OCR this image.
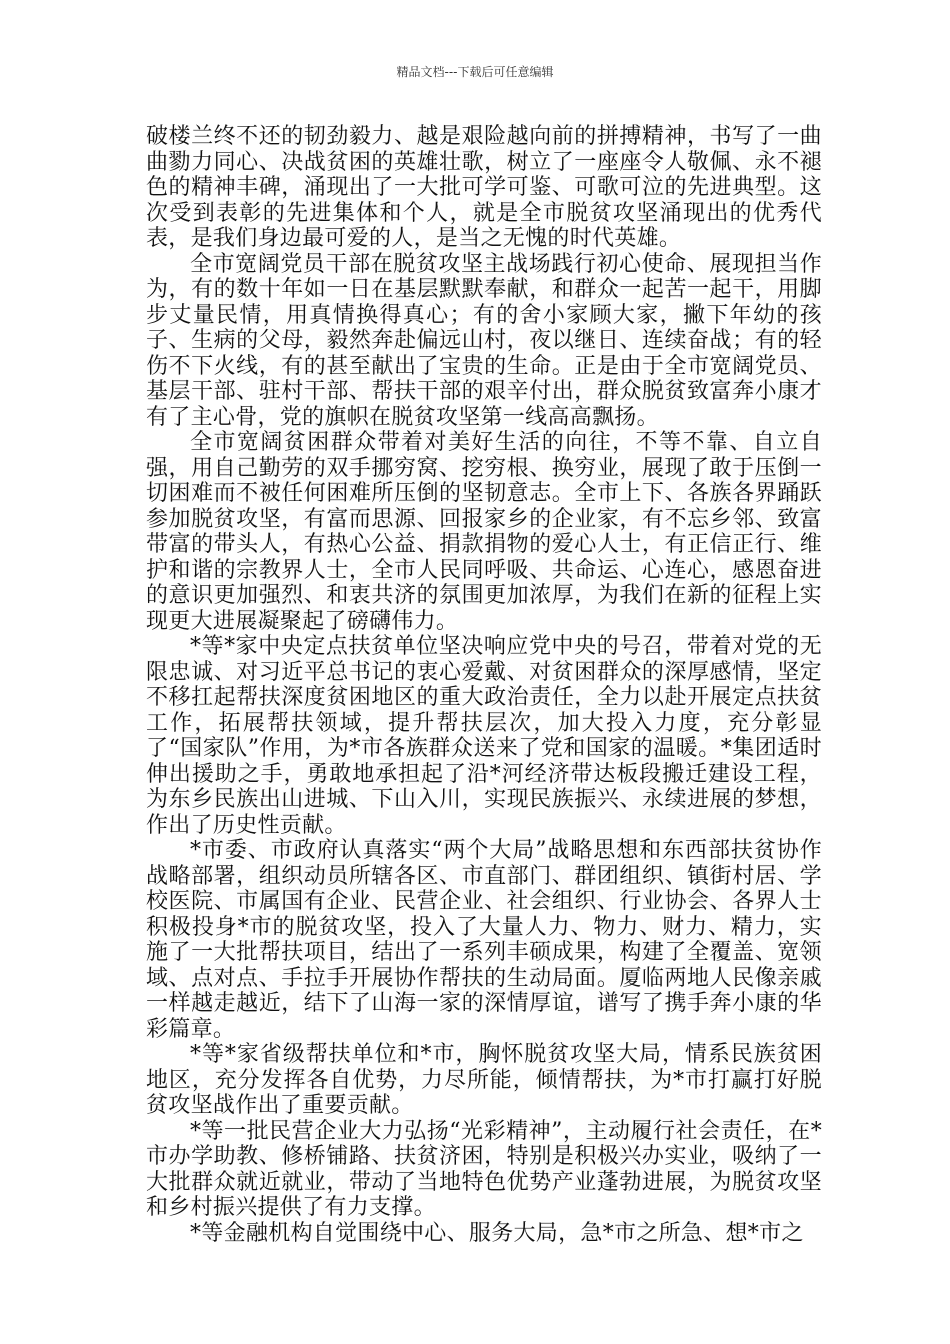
精品文档---下载后可任意编辑

破楼兰终不还的韧劲毅力、越是艰险越向前的拼搏精神，书写了一曲曲勠力同心、决战贫困的英雄壮歌，树立了一座座令人敬佩、永不褪色的精神丰碑，涌现出了一大批可学可鉴、可歌可泣的先进典型。这次受到表彰的先进集体和个人，就是全市脱贫攻坚涌现出的优秀代表，是我们身边最可爱的人，是当之无愧的时代英雄。

全市宽阔党员干部在脱贫攻坚主战场践行初心使命、展现担当作为，有的数十年如一日在基层默默奉献，和群众一起苦一起干，用脚步丈量民情，用真情换得真心；有的舍小家顾大家，撇下年幼的孩子、生病的父母，毅然奔赴偏远山村，夜以继日、连续奋战；有的轻伤不下火线，有的甚至献出了宝贵的生命。正是由于全市宽阔党员、基层干部、驻村干部、帮扶干部的艰辛付出，群众脱贫致富奔小康才有了主心骨，党的旗帜在脱贫攻坚第一线高高飘扬。

全市宽阔贫困群众带着对美好生活的向往，不等不靠、自立自强，用自己勤劳的双手挪穷窝、挖穷根、换穷业，展现了敢于压倒一切困难而不被任何困难所压倒的坚韧意志。全市上下、各族各界踊跃参加脱贫攻坚，有富而思源、回报家乡的企业家，有不忘乡邻、致富带富的带头人，有热心公益、捐款捐物的爱心人士，有正信正行、维护和谐的宗教界人士，全市人民同呼吸、共命运、心连心，感恩奋进的意识更加强烈、和衷共济的氛围更加浓厚，为我们在新的征程上实现更大进展凝聚起了磅礴伟力。

*等*家中央定点扶贫单位坚决响应党中央的号召，带着对党的无限忠诚、对习近平总书记的衷心爱戴、对贫困群众的深厚感情，坚定不移扛起帮扶深度贫困地区的重大政治责任，全力以赴开展定点扶贫工作，拓展帮扶领域，提升帮扶层次，加大投入力度，充分彰显了“国家队”作用，为*市各族群众送来了党和国家的温暖。*集团适时伸出援助之手，勇敢地承担起了沿*河经济带达板段搬迁建设工程，为东乡民族出山进城、下山入川，实现民族振兴、永续进展的梦想，作出了历史性贡献。

*市委、市政府认真落实“两个大局”战略思想和东西部扶贫协作战略部署，组织动员所辖各区、市直部门、群团组织、镇街村居、学校医院、市属国有企业、民营企业、社会组织、行业协会、各界人士积极投身*市的脱贫攻坚，投入了大量人力、物力、财力、精力，实施了一大批帮扶项目，结出了一系列丰硕成果，构建了全覆盖、宽领域、点对点、手拉手开展协作帮扶的生动局面。厦临两地人民像亲戚一样越走越近，结下了山海一家的深情厚谊，谱写了携手奔小康的华彩篇章。

*等*家省级帮扶单位和*市，胸怀脱贫攻坚大局，情系民族贫困地区，充分发挥各自优势，力尽所能，倾情帮扶，为*市打赢打好脱贫攻坚战作出了重要贡献。

*等一批民营企业大力弘扬“光彩精神”，主动履行社会责任，在*市办学助教、修桥铺路、扶贫济困，特别是积极兴办实业，吸纳了一大批群众就近就业，带动了当地特色优势产业蓬勃进展，为脱贫攻坚和乡村振兴提供了有力支撑。

*等金融机构自觉围绕中心、服务大局，急*市之所急、想*市之
